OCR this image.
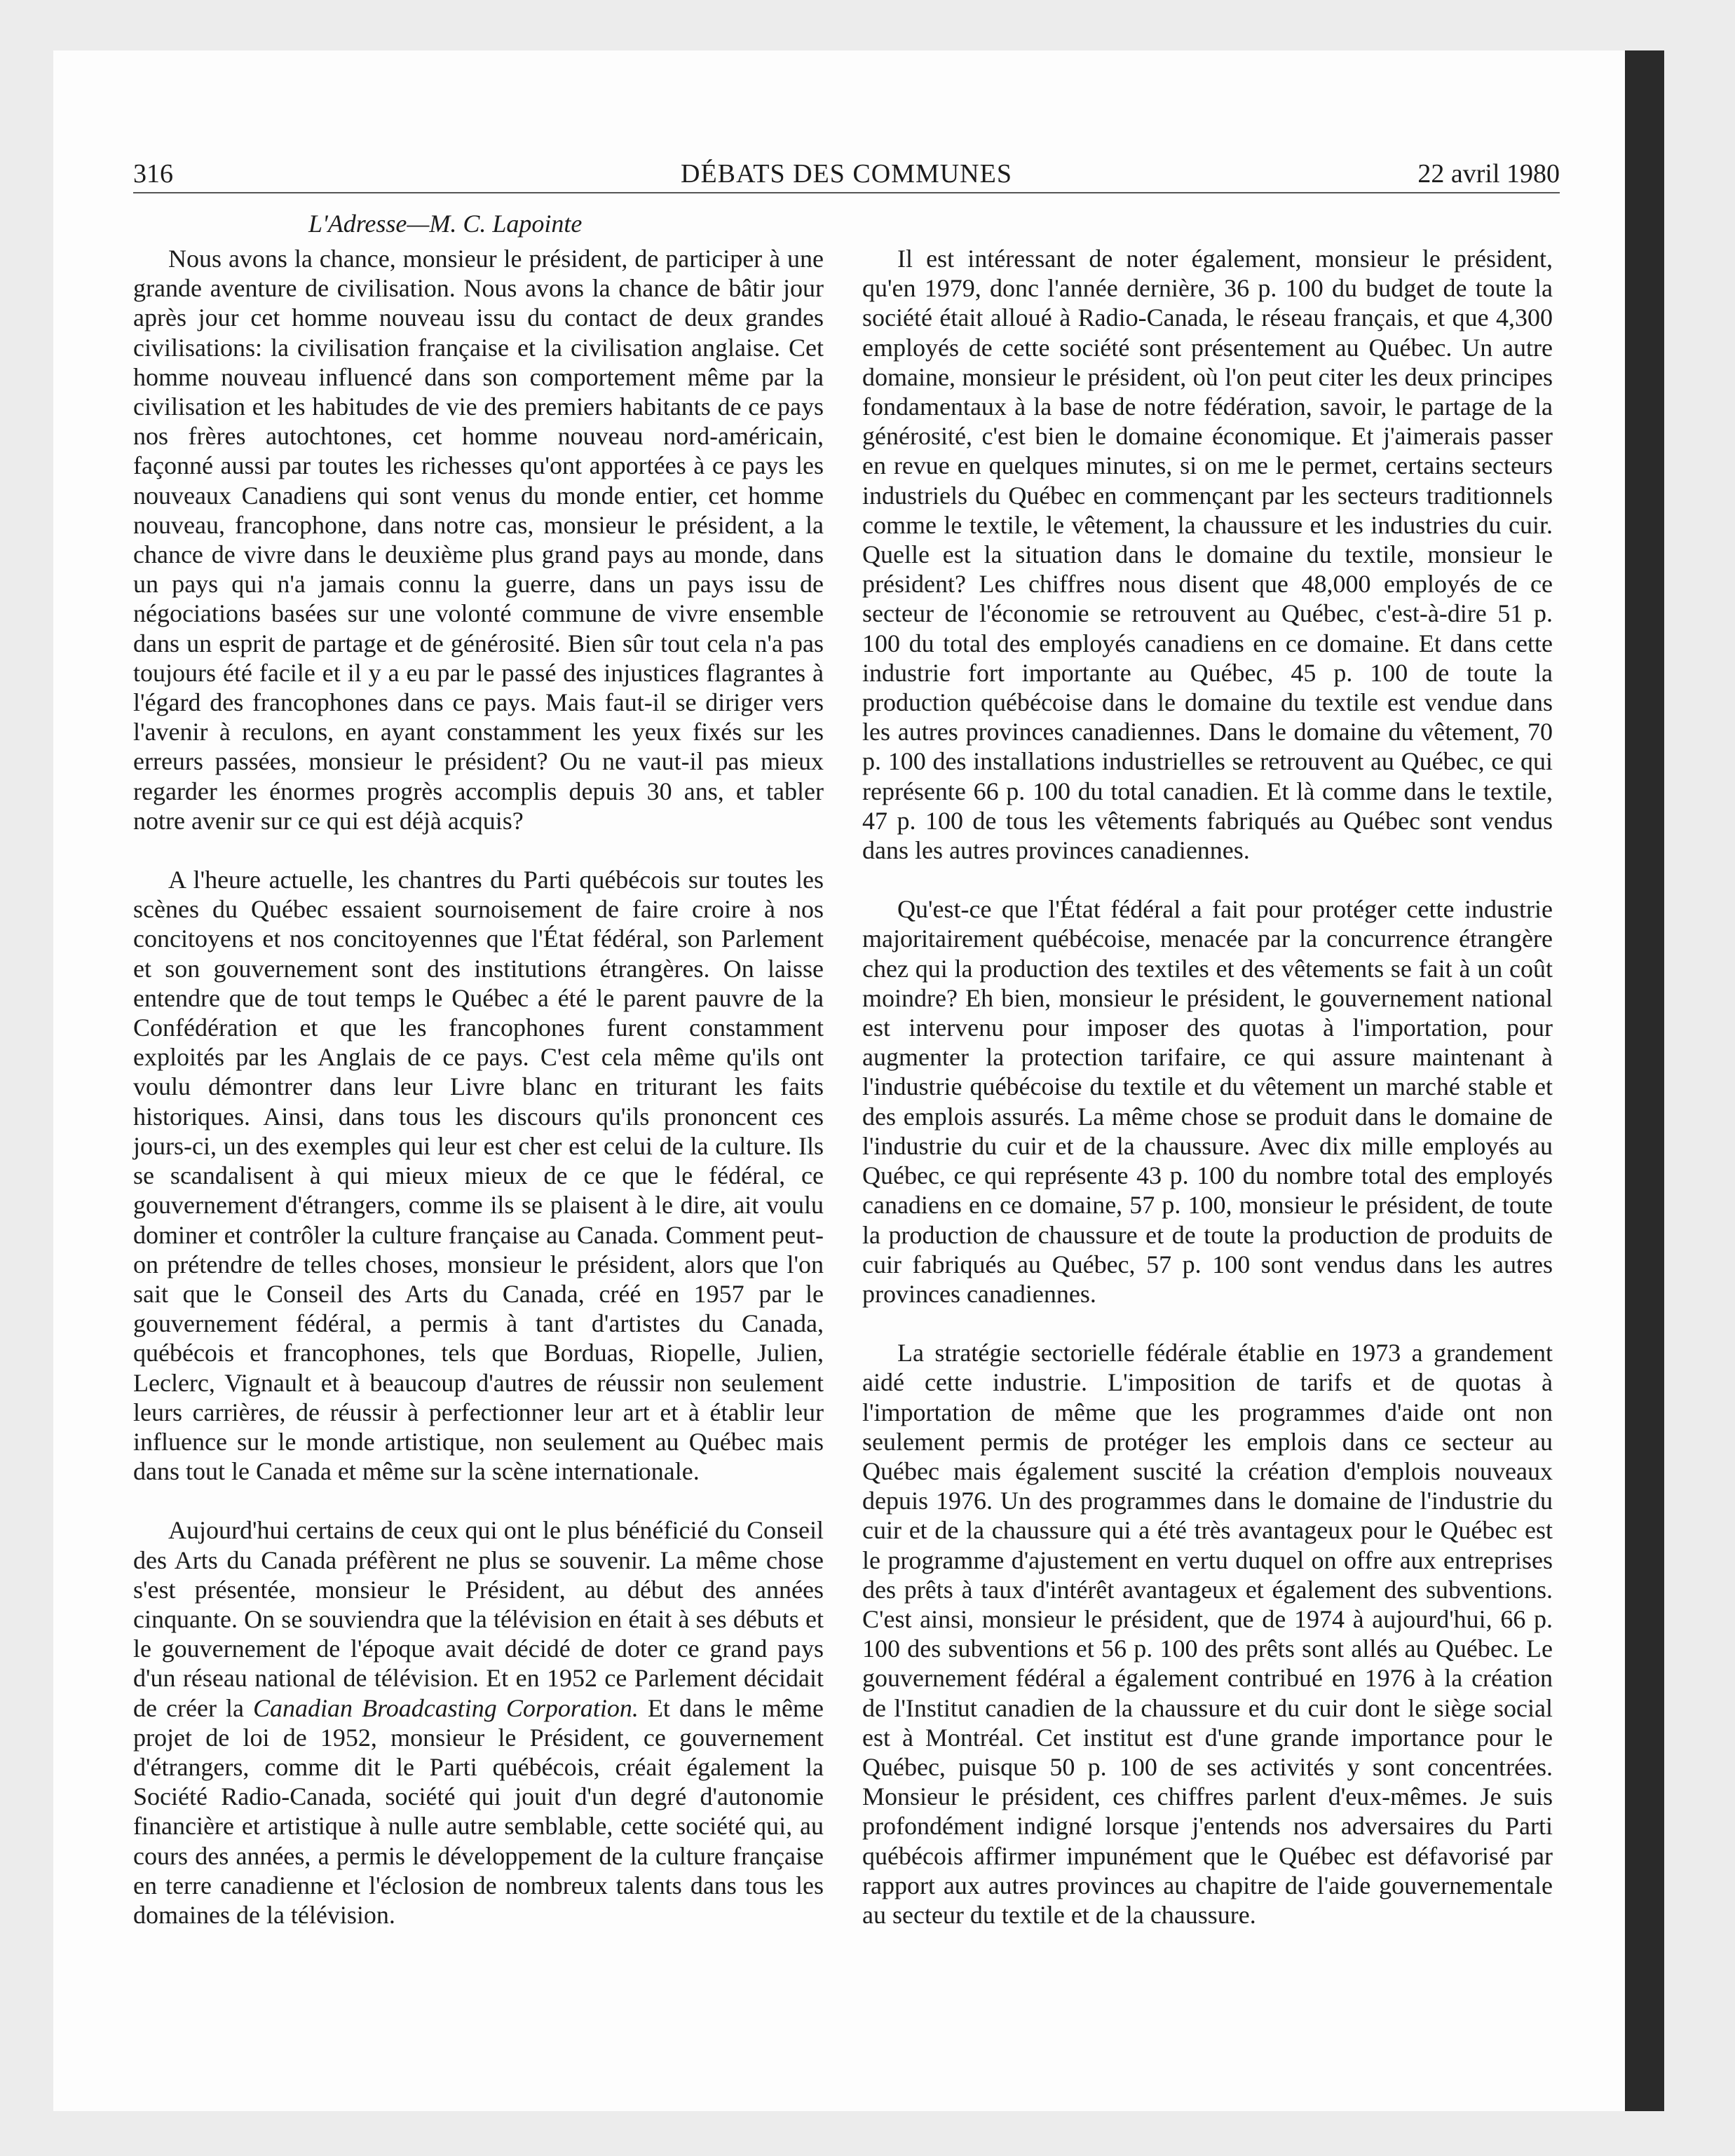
316	DÉBATS DES COMMUNES	22 avril 1980
L'Adresse—M. C. Lapointe

Nous avons la chance, monsieur le président, de participer à une grande aventure de civilisation. Nous avons la chance de bâtir jour après jour cet homme nouveau issu du contact de deux grandes civilisations: la civilisation française et la civilisation anglaise. Cet homme nouveau influencé dans son comportement même par la civilisation et les habitudes de vie des premiers habitants de ce pays nos frères autochtones, cet homme nouveau nord-américain, façonné aussi par toutes les richesses qu'ont apportées à ce pays les nouveaux Canadiens qui sont venus du monde entier, cet homme nouveau, francophone, dans notre cas, monsieur le président, a la chance de vivre dans le deuxième plus grand pays au monde, dans un pays qui n'a jamais connu la guerre, dans un pays issu de négociations basées sur une volonté commune de vivre ensemble dans un esprit de partage et de générosité. Bien sûr tout cela n'a pas toujours été facile et il y a eu par le passé des injustices flagrantes à l'égard des francophones dans ce pays. Mais faut-il se diriger vers l'avenir à reculons, en ayant constamment les yeux fixés sur les erreurs passées, monsieur le président? Ou ne vaut-il pas mieux regarder les énormes progrès accomplis depuis 30 ans, et tabler notre avenir sur ce qui est déjà acquis?

A l'heure actuelle, les chantres du Parti québécois sur toutes les scènes du Québec essaient sournoisement de faire croire à nos concitoyens et nos concitoyennes que l'État fédéral, son Parlement et son gouvernement sont des institutions étrangères. On laisse entendre que de tout temps le Québec a été le parent pauvre de la Confédération et que les francophones furent constamment exploités par les Anglais de ce pays. C'est cela même qu'ils ont voulu démontrer dans leur Livre blanc en triturant les faits historiques. Ainsi, dans tous les discours qu'ils prononcent ces jours-ci, un des exemples qui leur est cher est celui de la culture. Ils se scandalisent à qui mieux mieux de ce que le fédéral, ce gouvernement d'étrangers, comme ils se plaisent à le dire, ait voulu dominer et contrôler la culture française au Canada. Comment peut-on prétendre de telles choses, monsieur le président, alors que l'on sait que le Conseil des Arts du Canada, créé en 1957 par le gouvernement fédéral, a permis à tant d'artistes du Canada, québécois et francophones, tels que Borduas, Riopelle, Julien, Leclerc, Vignault et à beaucoup d'autres de réussir non seulement leurs carrières, de réussir à perfectionner leur art et à établir leur influence sur le monde artistique, non seulement au Québec mais dans tout le Canada et même sur la scène internationale.

Aujourd'hui certains de ceux qui ont le plus bénéficié du Conseil des Arts du Canada préfèrent ne plus se souvenir. La même chose s'est présentée, monsieur le Président, au début des années cinquante. On se souviendra que la télévision en était à ses débuts et le gouvernement de l'époque avait décidé de doter ce grand pays d'un réseau national de télévision. Et en 1952 ce Parlement décidait de créer la Canadian Broadcasting Corporation. Et dans le même projet de loi de 1952, monsieur le Président, ce gouvernement d'étrangers, comme dit le Parti québécois, créait également la Société Radio-Canada, société qui jouit d'un degré d'autonomie financière et artistique à nulle autre semblable, cette société qui, au cours des années, a permis le développement de la culture française en terre canadienne et l'éclosion de nombreux talents dans tous les domaines de la télévision.

Il est intéressant de noter également, monsieur le président, qu'en 1979, donc l'année dernière, 36 p. 100 du budget de toute la société était alloué à Radio-Canada, le réseau français, et que 4,300 employés de cette société sont présentement au Québec. Un autre domaine, monsieur le président, où l'on peut citer les deux principes fondamentaux à la base de notre fédération, savoir, le partage de la générosité, c'est bien le domaine économique. Et j'aimerais passer en revue en quelques minutes, si on me le permet, certains secteurs industriels du Québec en commençant par les secteurs traditionnels comme le textile, le vêtement, la chaussure et les industries du cuir. Quelle est la situation dans le domaine du textile, monsieur le président? Les chiffres nous disent que 48,000 employés de ce secteur de l'économie se retrouvent au Québec, c'est-à-dire 51 p. 100 du total des employés canadiens en ce domaine. Et dans cette industrie fort importante au Québec, 45 p. 100 de toute la production québécoise dans le domaine du textile est vendue dans les autres provinces canadiennes. Dans le domaine du vêtement, 70 p. 100 des installations industrielles se retrouvent au Québec, ce qui représente 66 p. 100 du total canadien. Et là comme dans le textile, 47 p. 100 de tous les vêtements fabriqués au Québec sont vendus dans les autres provinces canadiennes.

Qu'est-ce que l'État fédéral a fait pour protéger cette industrie majoritairement québécoise, menacée par la concurrence étrangère chez qui la production des textiles et des vêtements se fait à un coût moindre? Eh bien, monsieur le président, le gouvernement national est intervenu pour imposer des quotas à l'importation, pour augmenter la protection tarifaire, ce qui assure maintenant à l'industrie québécoise du textile et du vêtement un marché stable et des emplois assurés. La même chose se produit dans le domaine de l'industrie du cuir et de la chaussure. Avec dix mille employés au Québec, ce qui représente 43 p. 100 du nombre total des employés canadiens en ce domaine, 57 p. 100, monsieur le président, de toute la production de chaussure et de toute la production de produits de cuir fabriqués au Québec, 57 p. 100 sont vendus dans les autres provinces canadiennes.

La stratégie sectorielle fédérale établie en 1973 a grandement aidé cette industrie. L'imposition de tarifs et de quotas à l'importation de même que les programmes d'aide ont non seulement permis de protéger les emplois dans ce secteur au Québec mais également suscité la création d'emplois nouveaux depuis 1976. Un des programmes dans le domaine de l'industrie du cuir et de la chaussure qui a été très avantageux pour le Québec est le programme d'ajustement en vertu duquel on offre aux entreprises des prêts à taux d'intérêt avantageux et également des subventions. C'est ainsi, monsieur le président, que de 1974 à aujourd'hui, 66 p. 100 des subventions et 56 p. 100 des prêts sont allés au Québec. Le gouvernement fédéral a également contribué en 1976 à la création de l'Institut canadien de la chaussure et du cuir dont le siège social est à Montréal. Cet institut est d'une grande importance pour le Québec, puisque 50 p. 100 de ses activités y sont concentrées. Monsieur le président, ces chiffres parlent d'eux-mêmes. Je suis profondément indigné lorsque j'entends nos adversaires du Parti québécois affirmer impunément que le Québec est défavorisé par rapport aux autres provinces au chapitre de l'aide gouvernementale au secteur du textile et de la chaussure.
